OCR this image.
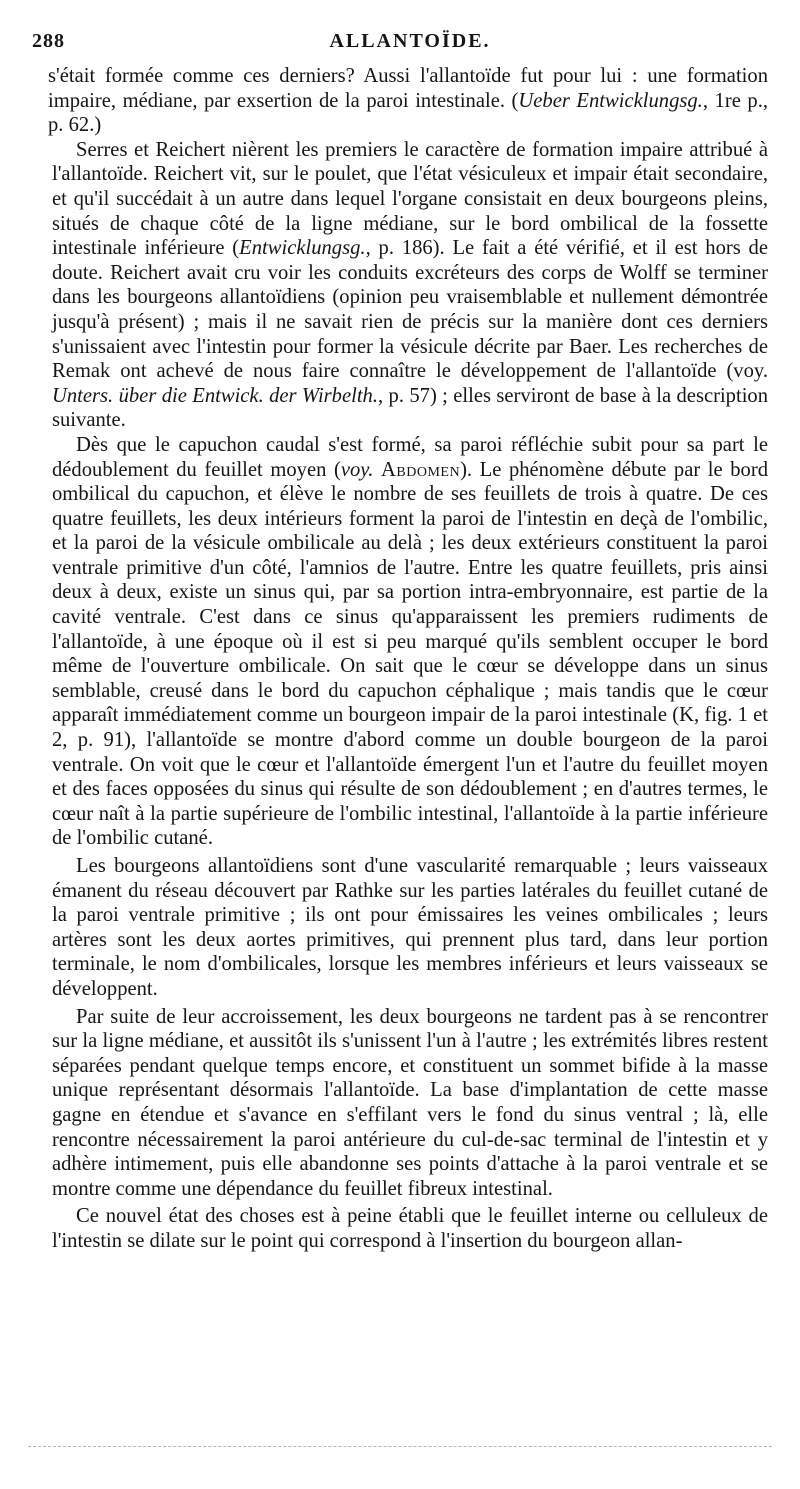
288	ALLANTOÏDE.

s'était formée comme ces derniers? Aussi l'allantoïde fut pour lui : une formation impaire, médiane, par exsertion de la paroi intestinale. (Ueber Entwicklungsg., 1re p., p. 62.)

Serres et Reichert nièrent les premiers le caractère de formation impaire attribué à l'allantoïde. Reichert vit, sur le poulet, que l'état vésiculeux et impair était secondaire, et qu'il succédait à un autre dans lequel l'organe consistait en deux bourgeons pleins, situés de chaque côté de la ligne médiane, sur le bord ombilical de la fossette intestinale inférieure (Entwicklungsg., p. 186). Le fait a été vérifié, et il est hors de doute. Reichert avait cru voir les conduits excréteurs des corps de Wolff se terminer dans les bourgeons allantoïdiens (opinion peu vraisemblable et nullement démontrée jusqu'à présent) ; mais il ne savait rien de précis sur la manière dont ces derniers s'unissaient avec l'intestin pour former la vésicule décrite par Baer. Les recherches de Remak ont achevé de nous faire connaître le développement de l'allantoïde (voy. Unters. über die Entwick. der Wirbelth., p. 57) ; elles serviront de base à la description suivante.

Dès que le capuchon caudal s'est formé, sa paroi réfléchie subit pour sa part le dédoublement du feuillet moyen (voy. Abdomen). Le phénomène débute par le bord ombilical du capuchon, et élève le nombre de ses feuillets de trois à quatre. De ces quatre feuillets, les deux intérieurs forment la paroi de l'intestin en deçà de l'ombilic, et la paroi de la vésicule ombilicale au delà ; les deux extérieurs constituent la paroi ventrale primitive d'un côté, l'amnios de l'autre. Entre les quatre feuillets, pris ainsi deux à deux, existe un sinus qui, par sa portion intra-embryonnaire, est partie de la cavité ventrale. C'est dans ce sinus qu'apparaissent les premiers rudiments de l'allantoïde, à une époque où il est si peu marqué qu'ils semblent occuper le bord même de l'ouverture ombilicale. On sait que le cœur se développe dans un sinus semblable, creusé dans le bord du capuchon céphalique ; mais tandis que le cœur apparaît immédiatement comme un bourgeon impair de la paroi intestinale (K, fig. 1 et 2, p. 91), l'allantoïde se montre d'abord comme un double bourgeon de la paroi ventrale. On voit que le cœur et l'allantoïde émergent l'un et l'autre du feuillet moyen et des faces opposées du sinus qui résulte de son dédoublement ; en d'autres termes, le cœur naît à la partie supérieure de l'ombilic intestinal, l'allantoïde à la partie inférieure de l'ombilic cutané.

Les bourgeons allantoïdiens sont d'une vascularité remarquable ; leurs vaisseaux émanent du réseau découvert par Rathke sur les parties latérales du feuillet cutané de la paroi ventrale primitive ; ils ont pour émissaires les veines ombilicales ; leurs artères sont les deux aortes primitives, qui prennent plus tard, dans leur portion terminale, le nom d'ombilicales, lorsque les membres inférieurs et leurs vaisseaux se développent.

Par suite de leur accroissement, les deux bourgeons ne tardent pas à se rencontrer sur la ligne médiane, et aussitôt ils s'unissent l'un à l'autre ; les extrémités libres restent séparées pendant quelque temps encore, et constituent un sommet bifide à la masse unique représentant désormais l'allantoïde. La base d'implantation de cette masse gagne en étendue et s'avance en s'effilant vers le fond du sinus ventral ; là, elle rencontre nécessairement la paroi antérieure du cul-de-sac terminal de l'intestin et y adhère intimement, puis elle abandonne ses points d'attache à la paroi ventrale et se montre comme une dépendance du feuillet fibreux intestinal.

Ce nouvel état des choses est à peine établi que le feuillet interne ou celluleux de l'intestin se dilate sur le point qui correspond à l'insertion du bourgeon allan-
